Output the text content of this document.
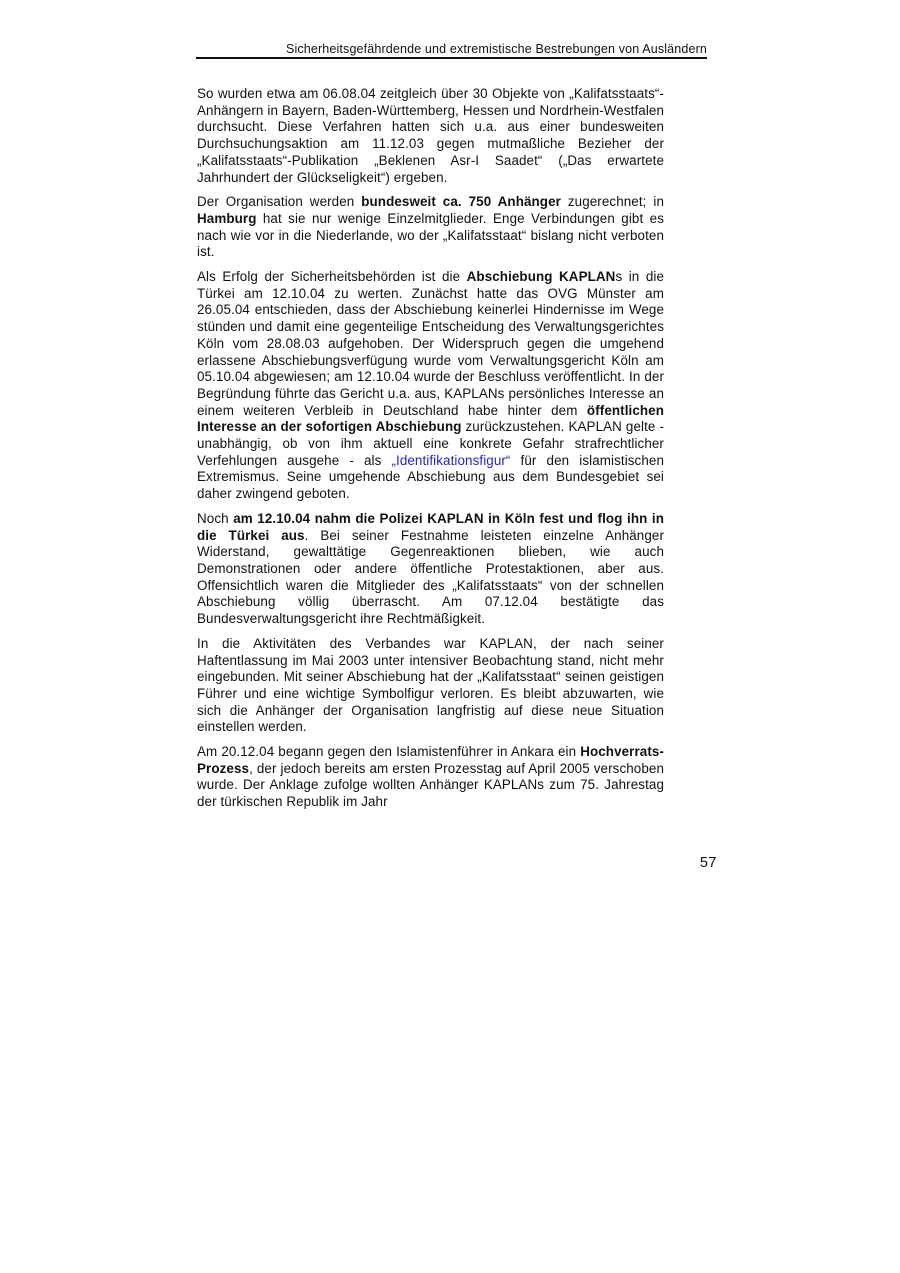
Sicherheitsgefährdende und extremistische Bestrebungen von Ausländern

So wurden etwa am 06.08.04 zeitgleich über 30 Objekte von „Kalifatsstaats“-Anhängern in Bayern, Baden-Württemberg, Hessen und Nordrhein-Westfalen durchsucht. Diese Verfahren hatten sich u.a. aus einer bundesweiten Durchsuchungsaktion am 11.12.03 gegen mutmaßliche Bezieher der „Kalifatsstaats“-Publikation „Beklenen Asr-I Saadet“ („Das erwartete Jahrhundert der Glückseligkeit“) ergeben.

Der Organisation werden bundesweit ca. 750 Anhänger zugerechnet; in Hamburg hat sie nur wenige Einzelmitglieder. Enge Verbindungen gibt es nach wie vor in die Niederlande, wo der „Kalifatsstaat“ bislang nicht verboten ist.

Als Erfolg der Sicherheitsbehörden ist die Abschiebung KAPLANs in die Türkei am 12.10.04 zu werten. Zunächst hatte das OVG Münster am 26.05.04 entschieden, dass der Abschiebung keinerlei Hindernisse im Wege stünden und damit eine gegenteilige Entscheidung des Verwaltungsgerichtes Köln vom 28.08.03 aufgehoben. Der Widerspruch gegen die umgehend erlassene Abschiebungsverfügung wurde vom Verwaltungsgericht Köln am 05.10.04 abgewiesen; am 12.10.04 wurde der Beschluss veröffentlicht. In der Begründung führte das Gericht u.a. aus, KAPLANs persönliches Interesse an einem weiteren Verbleib in Deutschland habe hinter dem öffentlichen Interesse an der sofortigen Abschiebung zurückzustehen. KAPLAN gelte - unabhängig, ob von ihm aktuell eine konkrete Gefahr strafrechtlicher Verfehlungen ausgehe - als „Identifikationsfigur“ für den islamistischen Extremismus. Seine umgehende Abschiebung aus dem Bundesgebiet sei daher zwingend geboten.

Noch am 12.10.04 nahm die Polizei KAPLAN in Köln fest und flog ihn in die Türkei aus. Bei seiner Festnahme leisteten einzelne Anhänger Widerstand, gewalttätige Gegenreaktionen blieben, wie auch Demonstrationen oder andere öffentliche Protestaktionen, aber aus. Offensichtlich waren die Mitglieder des „Kalifatsstaats“ von der schnellen Abschiebung völlig überrascht. Am 07.12.04 bestätigte das Bundesverwaltungsgericht ihre Rechtmäßigkeit.

In die Aktivitäten des Verbandes war KAPLAN, der nach seiner Haftentlassung im Mai 2003 unter intensiver Beobachtung stand, nicht mehr eingebunden. Mit seiner Abschiebung hat der „Kalifatsstaat“ seinen geistigen Führer und eine wichtige Symbolfigur verloren. Es bleibt abzuwarten, wie sich die Anhänger der Organisation langfristig auf diese neue Situation einstellen werden.

Am 20.12.04 begann gegen den Islamistenführer in Ankara ein Hochverrats-Prozess, der jedoch bereits am ersten Prozesstag auf April 2005 verschoben wurde. Der Anklage zufolge wollten Anhänger KAPLANs zum 75. Jahrestag der türkischen Republik im Jahr

57
